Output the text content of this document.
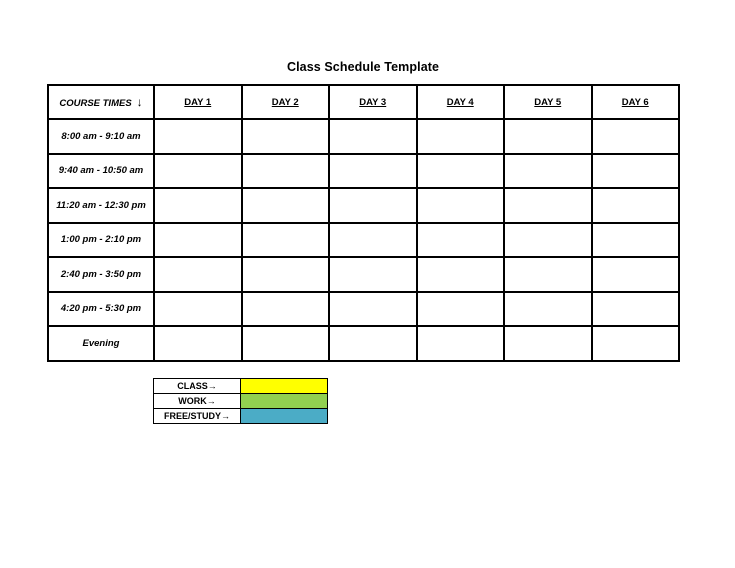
Class Schedule Template
COURSE TIMES ↓	DAY 1	DAY 2	DAY 3	DAY 4	DAY 5	DAY 6
8:00 am - 9:10 am						
9:40 am - 10:50 am						
11:20 am - 12:30 pm						
1:00 pm - 2:10 pm						
2:40 pm - 3:50 pm						
4:20 pm - 5:30 pm						
Evening						
CLASS→	
WORK→	
FREE/STUDY→	
